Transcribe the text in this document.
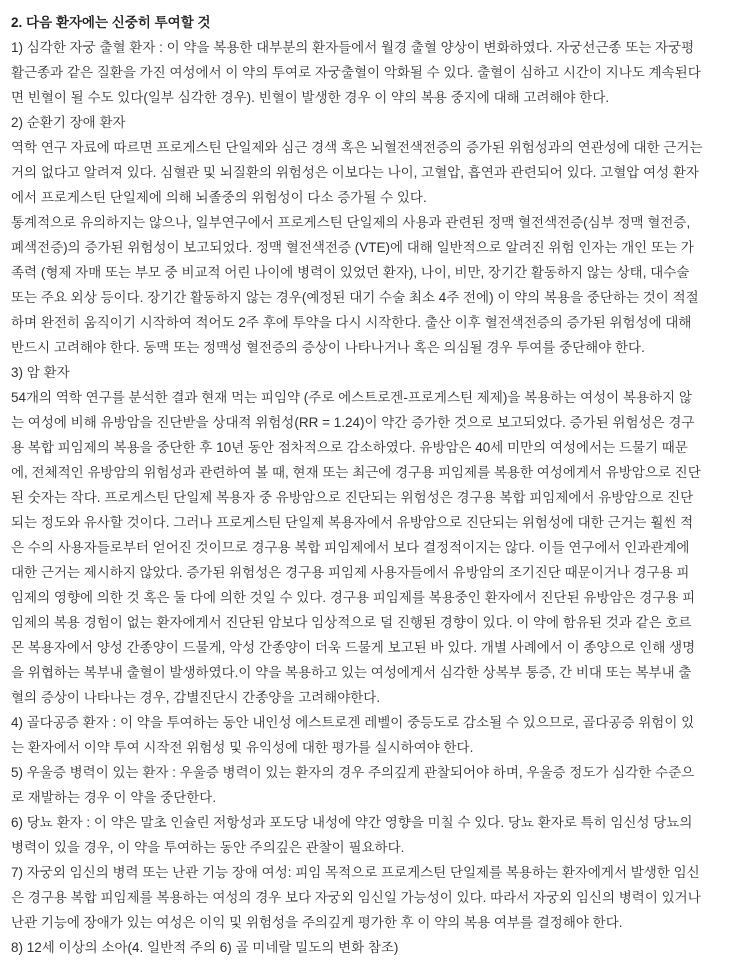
2. 다음 환자에는 신중히 투여할 것
1) 심각한 자궁 출혈 환자 : 이 약을 복용한 대부분의 환자들에서 월경 출혈 양상이 변화하였다. 자궁선근종 또는 자궁평
활근종과 같은 질환을 가진 여성에서 이 약의 투여로 자궁출혈이 악화될 수 있다. 출혈이 심하고 시간이 지나도 계속된다
면 빈혈이 될 수도 있다(일부 심각한 경우). 빈혈이 발생한 경우 이 약의 복용 중지에 대해 고려해야 한다.
2) 순환기 장애 환자
역학 연구 자료에 따르면 프로게스틴 단일제와 심근 경색 혹은 뇌혈전색전증의 증가된 위험성과의 연관성에 대한 근거는
거의 없다고 알려져 있다. 심혈관 및 뇌질환의 위험성은 이보다는 나이, 고혈압, 흡연과 관련되어 있다. 고혈압 여성 환자
에서 프로게스틴 단일제에 의해 뇌졸중의 위험성이 다소 증가될 수 있다.
통계적으로 유의하지는 않으나, 일부연구에서 프로게스틴 단일제의 사용과 관련된 정맥 혈전색전증(심부 정맥 혈전증,
폐색전증)의 증가된 위험성이 보고되었다. 정맥 혈전색전증 (VTE)에 대해 일반적으로 알려진 위험 인자는 개인 또는 가
족력 (형제 자매 또는 부모 중 비교적 어린 나이에 병력이 있었던 환자), 나이, 비만, 장기간 활동하지 않는 상태, 대수술
또는 주요 외상 등이다. 장기간 활동하지 않는 경우(예정된 대기 수술 최소 4주 전에) 이 약의 복용을 중단하는 것이 적절
하며 완전히 움직이기 시작하여 적어도 2주 후에 투약을 다시 시작한다. 출산 이후 혈전색전증의 증가된 위험성에 대해
반드시 고려해야 한다. 동맥 또는 정맥성 혈전증의 증상이 나타나거나 혹은 의심될 경우 투여를 중단해야 한다.
3) 암 환자
54개의 역학 연구를 분석한 결과 현재 먹는 피임약 (주로 에스트로겐-프로게스틴 제제)을 복용하는 여성이 복용하지 않
는 여성에 비해 유방암을 진단받을 상대적 위험성(RR = 1.24)이 약간 증가한 것으로 보고되었다. 증가된 위험성은 경구
용 복합 피임제의 복용을 중단한 후 10년 동안 점차적으로 감소하였다. 유방암은 40세 미만의 여성에서는 드물기 때문
에, 전체적인 유방암의 위험성과 관련하여 볼 때, 현재 또는 최근에 경구용 피임제를 복용한 여성에게서 유방암으로 진단
된 숫자는 작다. 프로게스틴 단일제 복용자 중 유방암으로 진단되는 위험성은 경구용 복합 피임제에서 유방암으로 진단
되는 정도와 유사할 것이다. 그러나 프로게스틴 단일제 복용자에서 유방암으로 진단되는 위험성에 대한 근거는 훨씬 적
은 수의 사용자들로부터 얻어진 것이므로 경구용 복합 피임제에서 보다 결정적이지는 않다. 이들 연구에서 인과관계에
대한 근거는 제시하지 않았다. 증가된 위험성은 경구용 피임제 사용자들에서 유방암의 조기진단 때문이거나 경구용 피
임제의 영향에 의한 것 혹은 둘 다에 의한 것일 수 있다. 경구용 피임제를 복용중인 환자에서 진단된 유방암은 경구용 피
임제의 복용 경험이 없는 환자에게서 진단된 암보다 임상적으로 덜 진행된 경향이 있다. 이 약에 함유된 것과 같은 호르
몬 복용자에서 양성 간종양이 드물게, 악성 간종양이 더욱 드물게 보고된 바 있다. 개별 사례에서 이 종양으로 인해 생명
을 위협하는 복부내 출혈이 발생하였다.이 약을 복용하고 있는 여성에게서 심각한 상복부 통증, 간 비대 또는 복부내 출
혈의 증상이 나타나는 경우, 감별진단시 간종양을 고려해야한다.
4) 골다공증 환자 : 이 약을 투여하는 동안 내인성 에스트로겐 레벨이 중등도로 감소될 수 있으므로, 골다공증 위험이 있
는 환자에서 이약 투여 시작전 위험성 및 유익성에 대한 평가를 실시하여야 한다.
5) 우울증 병력이 있는 환자 : 우울증 병력이 있는 환자의 경우 주의깊게 관찰되어야 하며, 우울증 정도가 심각한 수준으
로 재발하는 경우 이 약을 중단한다.
6) 당뇨 환자 : 이 약은 말초 인슐린 저항성과 포도당 내성에 약간 영향을 미칠 수 있다. 당뇨 환자로 특히 임신성 당뇨의
병력이 있을 경우, 이 약을 투여하는 동안 주의깊은 관찰이 필요하다.
7) 자궁외 임신의 병력 또는 난관 기능 장애 여성: 피임 목적으로 프로게스틴 단일제를 복용하는 환자에게서 발생한 임신
은 경구용 복합 피임제를 복용하는 여성의 경우 보다 자궁외 임신일 가능성이 있다. 따라서 자궁외 임신의 병력이 있거나
난관 기능에 장애가 있는 여성은 이익 및 위험성을 주의깊게 평가한 후 이 약의 복용 여부를 결정해야 한다.
8) 12세 이상의 소아(4. 일반적 주의 6) 골 미네랄 밀도의 변화 참조)
